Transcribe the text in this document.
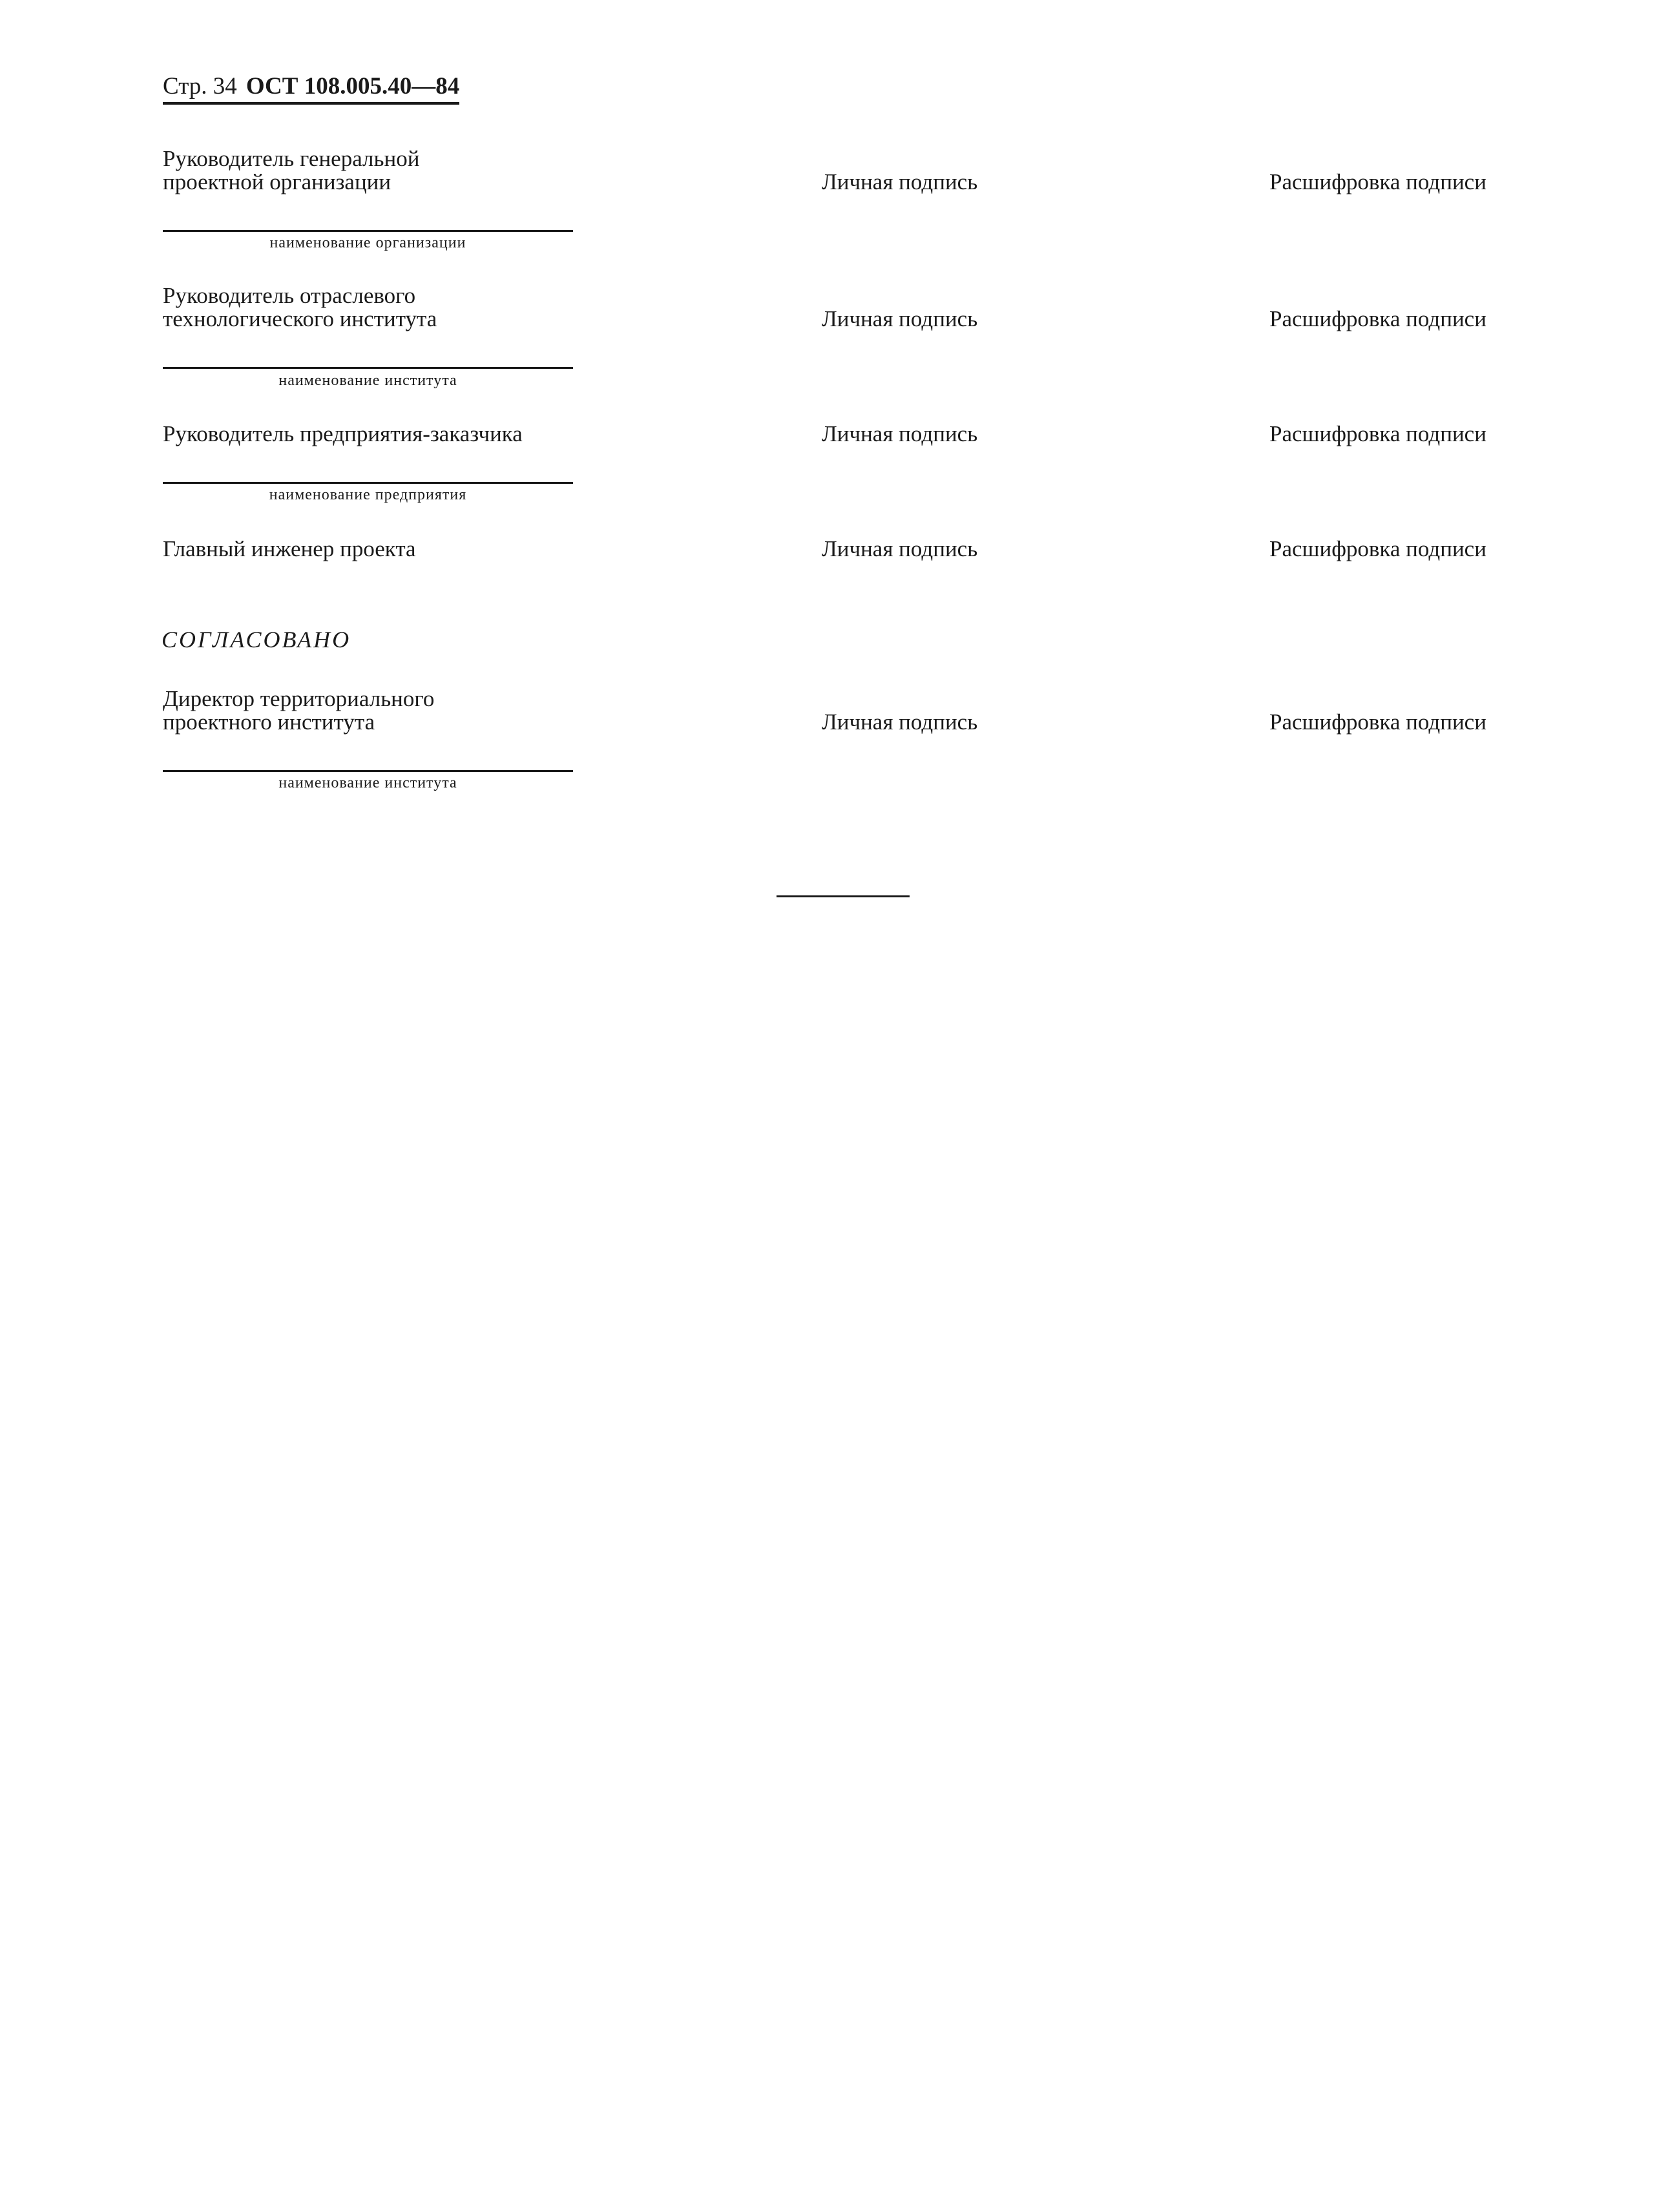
Стр. 34 ОСТ 108.005.40—84
Руководитель генеральной
проектной организации	Личная подпись	Расшифровка подписи
наименование организации
Руководитель отраслевого
технологического института	Личная подпись	Расшифровка подписи
наименование института
Руководитель предприятия-заказчика	Личная подпись	Расшифровка подписи
наименование предприятия
Главный инженер проекта	Личная подпись	Расшифровка подписи
СОГЛАСОВАНО
Директор территориального
проектного института	Личная подпись	Расшифровка подписи
наименование института
